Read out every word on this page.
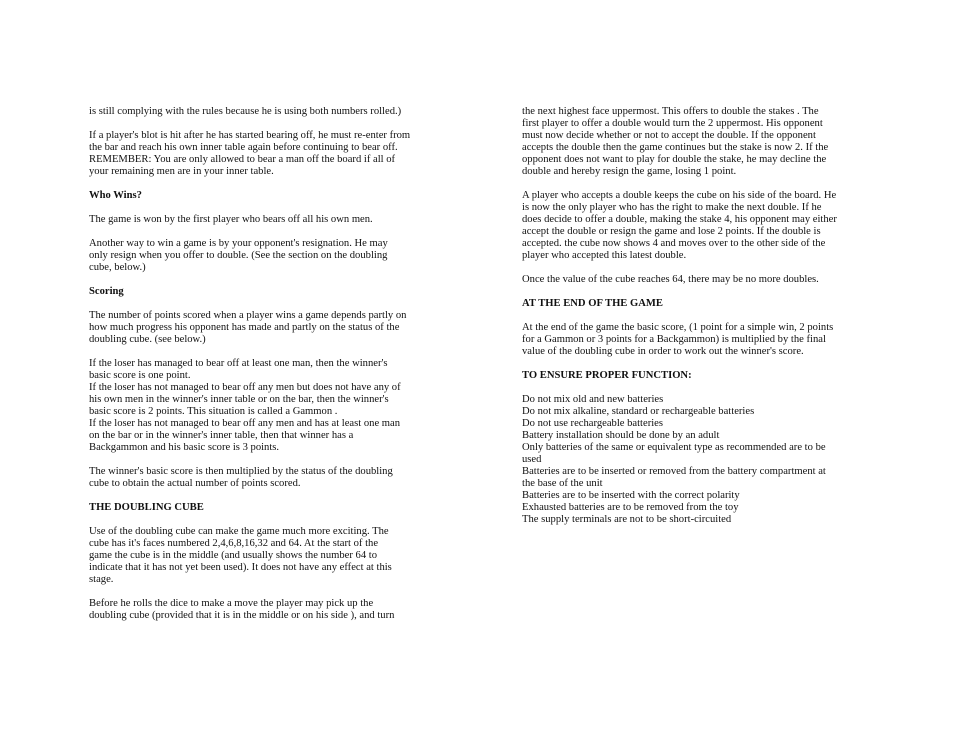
is still complying with the rules because he is using both numbers rolled.)
If a player's blot is hit after he has started bearing off, he must re-enter from
the bar and reach his own inner table again before continuing to bear off.
REMEMBER: You are only allowed to bear a man off the board if all of
your remaining men are in your inner table.
Who Wins?
The game is won by the first player who bears off all his own men.
Another way to win a game is by your opponent's resignation. He may
only resign when you offer to double. (See the section on the doubling
cube, below.)
Scoring
The number of points scored when a player wins a game depends partly on
how much progress his opponent has made and partly on the status of the
doubling cube. (see below.)
If the loser has managed to bear off at least one man, then the winner's
basic score is one point.
If the loser has not managed to bear off any men but does not have any of
his own men in the winner's inner table or on the bar, then the winner's
basic score is 2 points. This situation is called a Gammon .
If the loser has not managed to bear off any men and has at least one man
on the bar or in the winner's inner table, then that winner has a
Backgammon and his basic score is 3 points.
The winner's basic score is then multiplied by the status of the doubling
cube to obtain the actual number of points scored.
THE DOUBLING CUBE
Use of the doubling cube can make the game much more exciting. The
cube has it's faces numbered 2,4,6,8,16,32 and 64. At the start of the
game the cube is in the middle (and usually shows the number 64 to
indicate that it has not yet been used). It does not have any effect at this
stage.
Before he rolls the dice to make a move the player may pick up the
doubling cube (provided that it is in the middle or on his side ), and turn
the next highest face uppermost. This offers to double the stakes . The
first player to offer a double would turn the 2 uppermost. His opponent
must now decide whether or not to accept the double. If the opponent
accepts the double then the game continues but the stake is now 2. If the
opponent does not want to play for double the stake, he may decline the
double and hereby resign the game, losing 1 point.
A player who accepts a double keeps the cube on his side of the board. He
is now the only player who has the right to make the next double. If he
does decide to offer a double, making the stake 4, his opponent may either
accept the double or resign the game and lose 2 points. If the double is
accepted. the cube now shows 4 and moves over to the other side of the
player who accepted this latest double.
Once the value of the cube reaches 64, there may be no more doubles.
AT THE END OF THE GAME
At the end of the game the basic score, (1 point for a simple win, 2 points
for a Gammon or 3 points for a Backgammon) is multiplied by the final
value of the doubling cube in order to work out the winner's score.
TO ENSURE PROPER FUNCTION:
Do not mix old and new batteries
Do not mix alkaline, standard or rechargeable batteries
Do not use rechargeable batteries
Battery installation should be done by an adult
Only batteries of the same or equivalent type as recommended are to be
used
Batteries are to be inserted or removed from the battery compartment at
the base of the unit
Batteries are to be inserted with the correct polarity
Exhausted batteries are to be removed from the toy
The supply terminals are not to be short-circuited
